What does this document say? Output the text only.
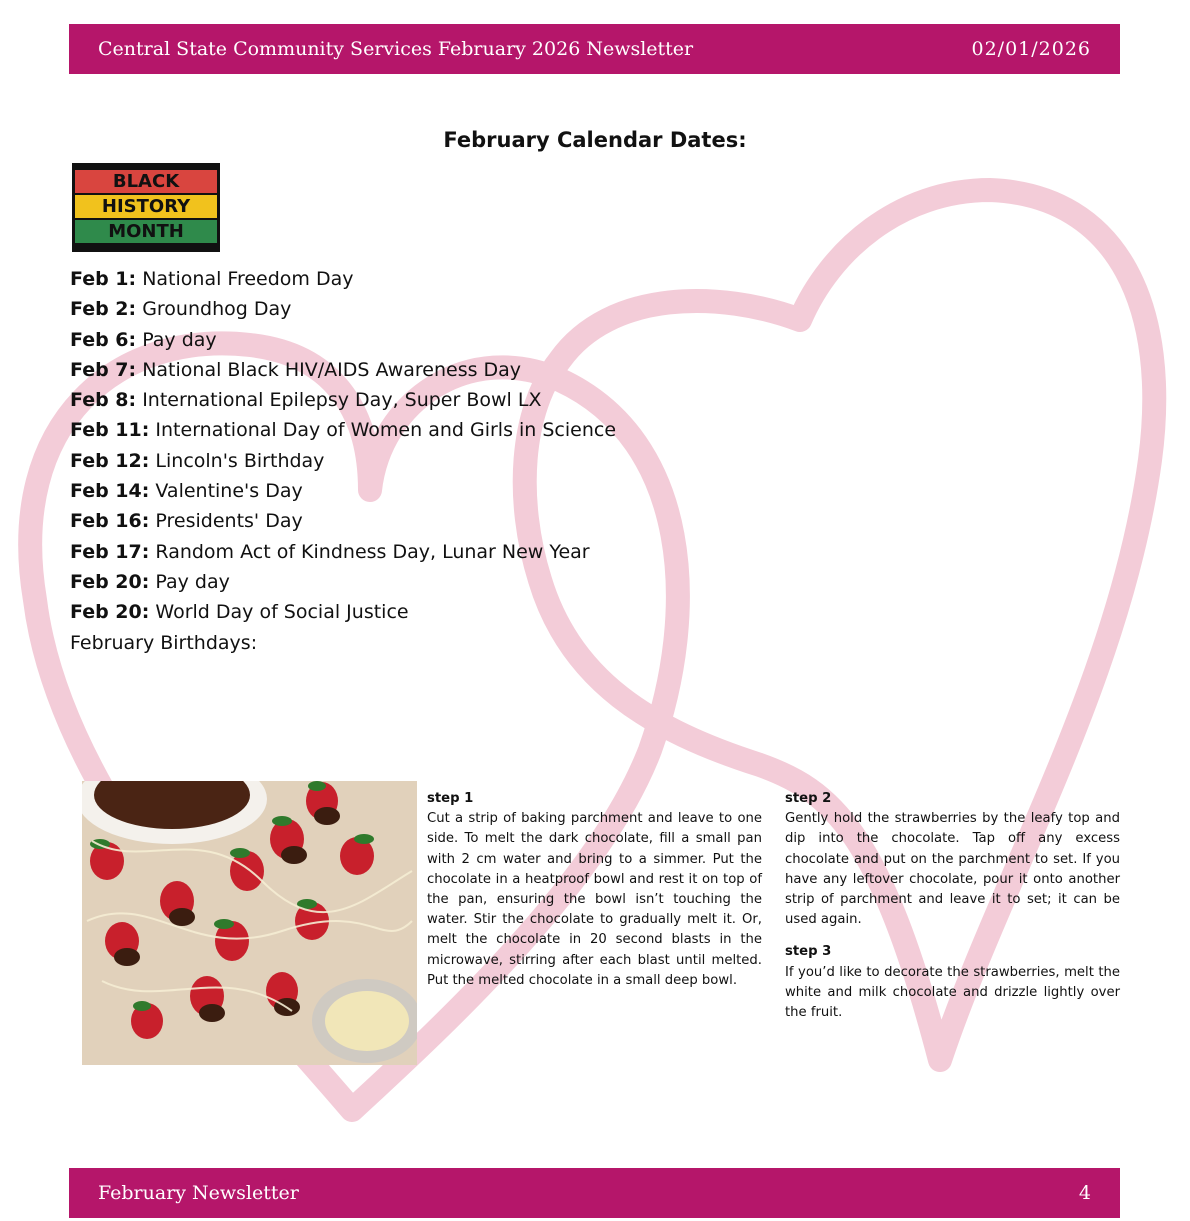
Central State Community Services February 2026 Newsletter	02/01/2026
February Calendar Dates:
BLACK
HISTORY
MONTH
Feb 1: National Freedom Day
Feb 2: Groundhog Day
Feb 6: Pay day
Feb 7: National Black HIV/AIDS Awareness Day
Feb 8: International Epilepsy Day, Super Bowl LX
Feb 11: International Day of Women and Girls in Science
Feb 12: Lincoln's Birthday
Feb 14: Valentine's Day
Feb 16: Presidents' Day
Feb 17: Random Act of Kindness Day, Lunar New Year
Feb 20: Pay day
Feb 20: World Day of Social Justice
February Birthdays:

step 1

Cut a strip of baking parchment and leave to one side. To melt the dark chocolate, fill a small pan with 2 cm water and bring to a simmer. Put the chocolate in a heatproof bowl and rest it on top of the pan, ensuring the bowl isn’t touching the water. Stir the chocolate to gradually melt it. Or, melt the chocolate in 20 second blasts in the microwave, stirring after each blast until melted. Put the melted chocolate in a small deep bowl.

step 2

Gently hold the strawberries by the leafy top and dip into the chocolate. Tap off any excess chocolate and put on the parchment to set. If you have any leftover chocolate, pour it onto another strip of parchment and leave it to set; it can be used again.

step 3

If you’d like to decorate the strawberries, melt the white and milk chocolate and drizzle lightly over the fruit.

February Newsletter	4
